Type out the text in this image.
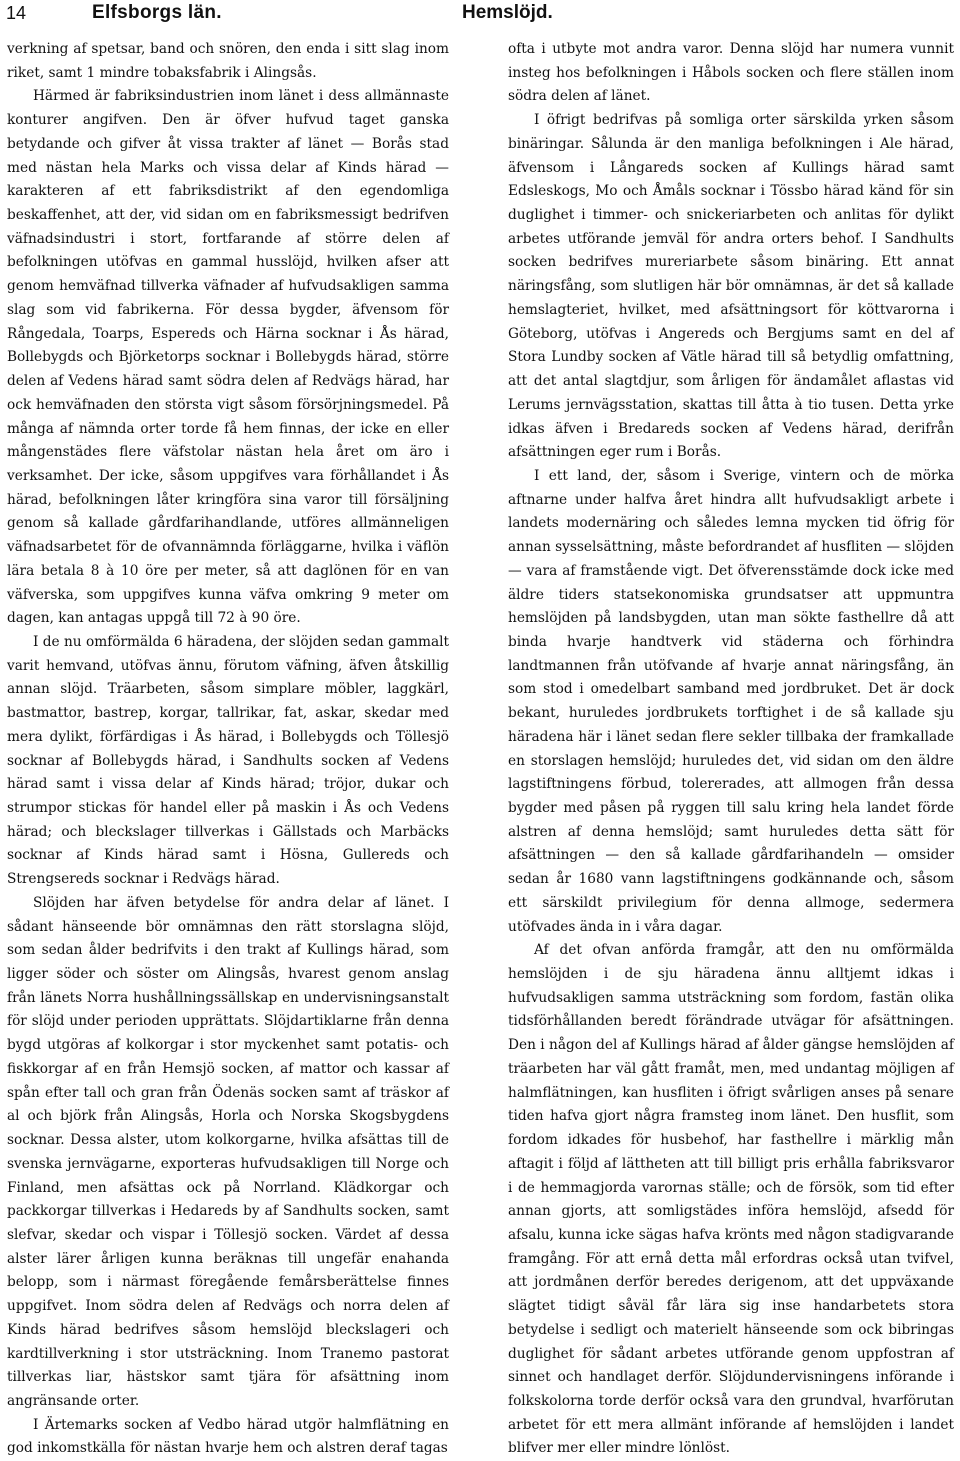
14	Elfsborgs län.	Hemslöjd.

verkning af spetsar, band och snören, den enda i sitt slag inom riket, samt 1 mindre tobaksfabrik i Alingsås.

Härmed är fabriksindustrien inom länet i dess allmännaste konturer angifven. Den är öfver hufvud taget ganska betydande och gifver åt vissa trakter af länet — Borås stad med nästan hela Marks och vissa delar af Kinds härad — karakteren af ett fabriksdistrikt af den egendomliga beskaffenhet, att der, vid sidan om en fabriksmessigt bedrifven väfnadsindustri i stort, fortfarande af större delen af befolkningen utöfvas en gammal husslöjd, hvilken afser att genom hemväfnad tillverka väfnader af hufvudsakligen samma slag som vid fabrikerna. För dessa bygder, äfvensom för Rångedala, Toarps, Espereds och Härna socknar i Ås härad, Bollebygds och Björketorps socknar i Bollebygds härad, större delen af Vedens härad samt södra delen af Redvägs härad, har ock hemväfnaden den största vigt såsom försörjningsmedel. På många af nämnda orter torde få hem finnas, der icke en eller mångenstädes flere väfstolar nästan hela året om äro i verksamhet. Der icke, såsom uppgifves vara förhållandet i Ås härad, befolkningen låter kringföra sina varor till försäljning genom så kallade gårdfarihandlande, utföres allmänneligen väfnadsarbetet för de ofvannämnda förläggarne, hvilka i väflön lära betala 8 à 10 öre per meter, så att daglönen för en van väfverska, som uppgifves kunna väfva omkring 9 meter om dagen, kan antagas uppgå till 72 à 90 öre.

I de nu omförmälda 6 häradena, der slöjden sedan gammalt varit hemvand, utöfvas ännu, förutom väfning, äfven åtskillig annan slöjd. Träarbeten, såsom simplare möbler, laggkärl, bastmattor, bastrep, korgar, tallrikar, fat, askar, skedar med mera dylikt, förfärdigas i Ås härad, i Bollebygds och Töllesjö socknar af Bollebygds härad, i Sandhults socken af Vedens härad samt i vissa delar af Kinds härad; tröjor, dukar och strumpor stickas för handel eller på maskin i Ås och Vedens härad; och bleckslager tillverkas i Gällstads och Marbäcks socknar af Kinds härad samt i Hösna, Gullereds och Strengsereds socknar i Redvägs härad.

Slöjden har äfven betydelse för andra delar af länet. I sådant hänseende bör omnämnas den rätt storslagna slöjd, som sedan ålder bedrifvits i den trakt af Kullings härad, som ligger söder och söster om Alingsås, hvarest genom anslag från länets Norra hushållningssällskap en undervisningsanstalt för slöjd under perioden upprättats. Slöjdartiklarne från denna bygd utgöras af kolkorgar i stor myckenhet samt potatis- och fiskkorgar af en från Hemsjö socken, af mattor och kassar af spån efter tall och gran från Ödenäs socken samt af träskor af al och björk från Alingsås, Horla och Norska Skogsbygdens socknar. Dessa alster, utom kolkorgarne, hvilka afsättas till de svenska jernvägarne, exporteras hufvudsakligen till Norge och Finland, men afsättas ock på Norrland. Klädkorgar och packkorgar tillverkas i Hedareds by af Sandhults socken, samt slefvar, skedar och vispar i Töllesjö socken. Värdet af dessa alster lärer årligen kunna beräknas till ungefär enahanda belopp, som i närmast föregående femårsberättelse finnes uppgifvet. Inom södra delen af Redvägs och norra delen af Kinds härad bedrifves såsom hemslöjd bleckslageri och kardtillverkning i stor utsträckning. Inom Tranemo pastorat tillverkas liar, hästskor samt tjära för afsättning inom angränsande orter.

I Ärtemarks socken af Vedbo härad utgör halmflätning en god inkomstkälla för nästan hvarje hem och alstren deraf tagas

ofta i utbyte mot andra varor. Denna slöjd har numera vunnit insteg hos befolkningen i Håbols socken och flere ställen inom södra delen af länet.

I öfrigt bedrifvas på somliga orter särskilda yrken såsom binäringar. Sålunda är den manliga befolkningen i Ale härad, äfvensom i Långareds socken af Kullings härad samt Edsleskogs, Mo och Åmåls socknar i Tössbo härad känd för sin duglighet i timmer- och snickeriarbeten och anlitas för dylikt arbetes utförande jemväl för andra orters behof. I Sandhults socken bedrifves mureriarbete såsom binäring. Ett annat näringsfång, som slutligen här bör omnämnas, är det så kallade hemslagteriet, hvilket, med afsättningsort för köttvarorna i Göteborg, utöfvas i Angereds och Bergjums samt en del af Stora Lundby socken af Vätle härad till så betydlig omfattning, att det antal slagtdjur, som årligen för ändamålet aflastas vid Lerums jernvägsstation, skattas till åtta à tio tusen. Detta yrke idkas äfven i Bredareds socken af Vedens härad, derifrån afsättningen eger rum i Borås.

I ett land, der, såsom i Sverige, vintern och de mörka aftnarne under halfva året hindra allt hufvudsakligt arbete i landets modernäring och således lemna mycken tid öfrig för annan sysselsättning, måste befordrandet af husfliten — slöjden — vara af framstående vigt. Det öfverensstämde dock icke med äldre tiders statsekonomiska grundsatser att uppmuntra hemslöjden på landsbygden, utan man sökte fasthellre då att binda hvarje handtverk vid städerna och förhindra landtmannen från utöfvande af hvarje annat näringsfång, än som stod i omedelbart samband med jordbruket. Det är dock bekant, huruledes jordbrukets torftighet i de så kallade sju häradena här i länet sedan flere sekler tillbaka der framkallade en storslagen hemslöjd; huruledes det, vid sidan om den äldre lagstiftningens förbud, tolererades, att allmogen från dessa bygder med påsen på ryggen till salu kring hela landet förde alstren af denna hemslöjd; samt huruledes detta sätt för afsättningen — den så kallade gårdfarihandeln — omsider sedan år 1680 vann lagstiftningens godkännande och, såsom ett särskildt privilegium för denna allmoge, sedermera utöfvades ända in i våra dagar.

Af det ofvan anförda framgår, att den nu omförmälda hemslöjden i de sju häradena ännu alltjemt idkas i hufvudsakligen samma utsträckning som fordom, fastän olika tidsförhållanden beredt förändrade utvägar för afsättningen. Den i någon del af Kullings härad af ålder gängse hemslöjden af träarbeten har väl gått framåt, men, med undantag möjligen af halmflätningen, kan husfliten i öfrigt svårligen anses på senare tiden hafva gjort några framsteg inom länet. Den husflit, som fordom idkades för husbehof, har fasthellre i märklig mån aftagit i följd af lättheten att till billigt pris erhålla fabriksvaror i de hemmagjorda varornas ställe; och de försök, som tid efter annan gjorts, att somligstädes införa hemslöjd, afsedd för afsalu, kunna icke sägas hafva krönts med någon stadigvarande framgång. För att ernå detta mål erfordras också utan tvifvel, att jordmånen derför beredes derigenom, att det uppväxande slägtet tidigt såväl får lära sig inse handarbetets stora betydelse i sedligt och materielt hänseende som ock bibringas duglighet för sådant arbetes utförande genom uppfostran af sinnet och handlaget derför. Slöjdundervisningens införande i folkskolorna torde derför också vara den grundval, hvarförutan arbetet för ett mera allmänt införande af hemslöjden i landet blifver mer eller mindre lönlöst.
